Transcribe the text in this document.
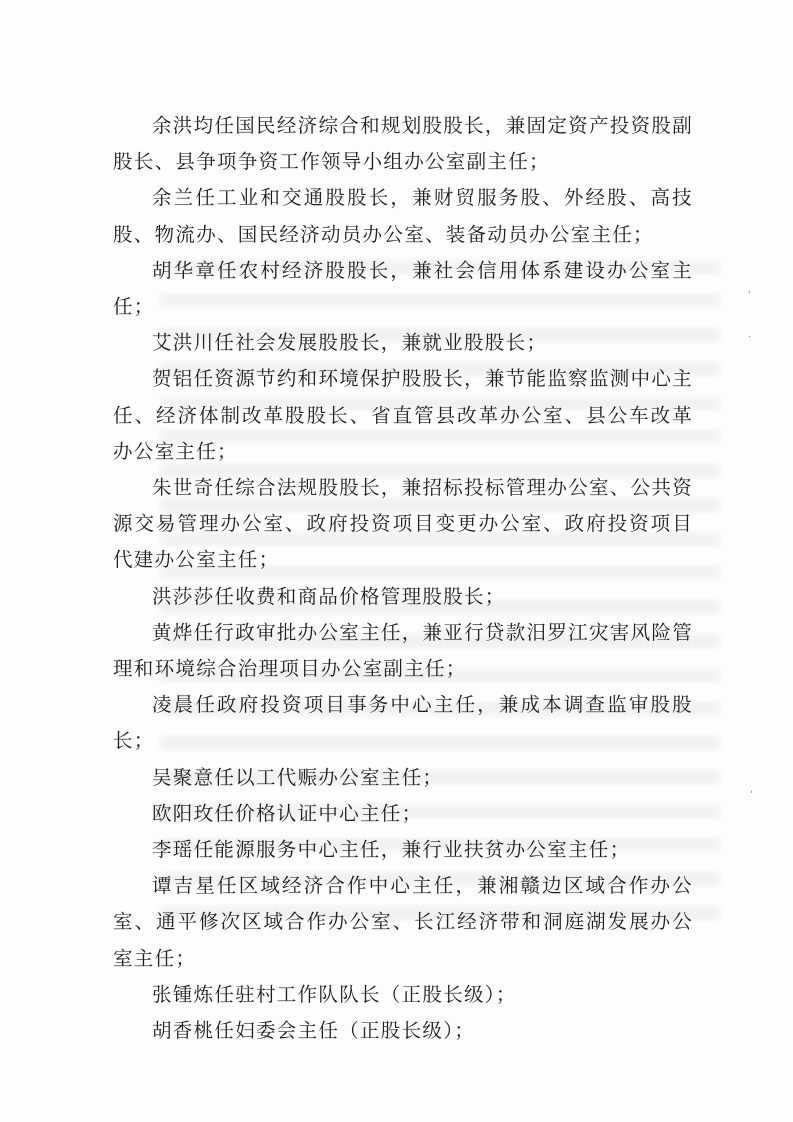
余洪均任国民经济综合和规划股股长，兼固定资产投资股副股长、县争项争资工作领导小组办公室副主任；

余兰任工业和交通股股长，兼财贸服务股、外经股、高技股、物流办、国民经济动员办公室、装备动员办公室主任；

胡华章任农村经济股股长，兼社会信用体系建设办公室主任；

艾洪川任社会发展股股长，兼就业股股长；

贺铝任资源节约和环境保护股股长，兼节能监察监测中心主任、经济体制改革股股长、省直管县改革办公室、县公车改革办公室主任；

朱世奇任综合法规股股长，兼招标投标管理办公室、公共资源交易管理办公室、政府投资项目变更办公室、政府投资项目代建办公室主任；

洪莎莎任收费和商品价格管理股股长；

黄烨任行政审批办公室主任，兼亚行贷款汨罗江灾害风险管理和环境综合治理项目办公室副主任；

凌晨任政府投资项目事务中心主任，兼成本调查监审股股长；

吴聚意任以工代赈办公室主任；

欧阳玫任价格认证中心主任；

李瑶任能源服务中心主任，兼行业扶贫办公室主任；

谭吉星任区域经济合作中心主任，兼湘赣边区域合作办公室、通平修次区域合作办公室、长江经济带和洞庭湖发展办公室主任；

张锺炼任驻村工作队队长（正股长级）；

胡香桃任妇委会主任（正股长级）；

'
.
'
